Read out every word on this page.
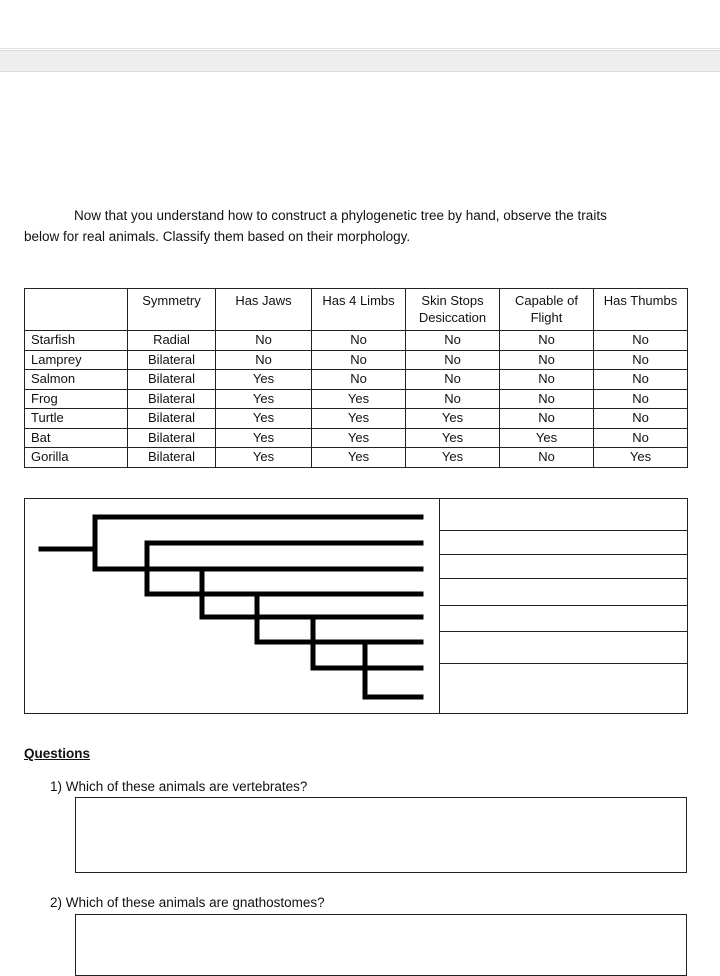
Now that you understand how to construct a phylogenetic tree by hand, observe the traits
below for real animals. Classify them based on their morphology.
	Symmetry	Has Jaws	Has 4 Limbs	Skin Stops Desiccation	Capable of Flight	Has Thumbs
Starfish	Radial	No	No	No	No	No
Lamprey	Bilateral	No	No	No	No	No
Salmon	Bilateral	Yes	No	No	No	No
Frog	Bilateral	Yes	Yes	No	No	No
Turtle	Bilateral	Yes	Yes	Yes	No	No
Bat	Bilateral	Yes	Yes	Yes	Yes	No
Gorilla	Bilateral	Yes	Yes	Yes	No	Yes
Questions
1) Which of these animals are vertebrates?
2) Which of these animals are gnathostomes?
